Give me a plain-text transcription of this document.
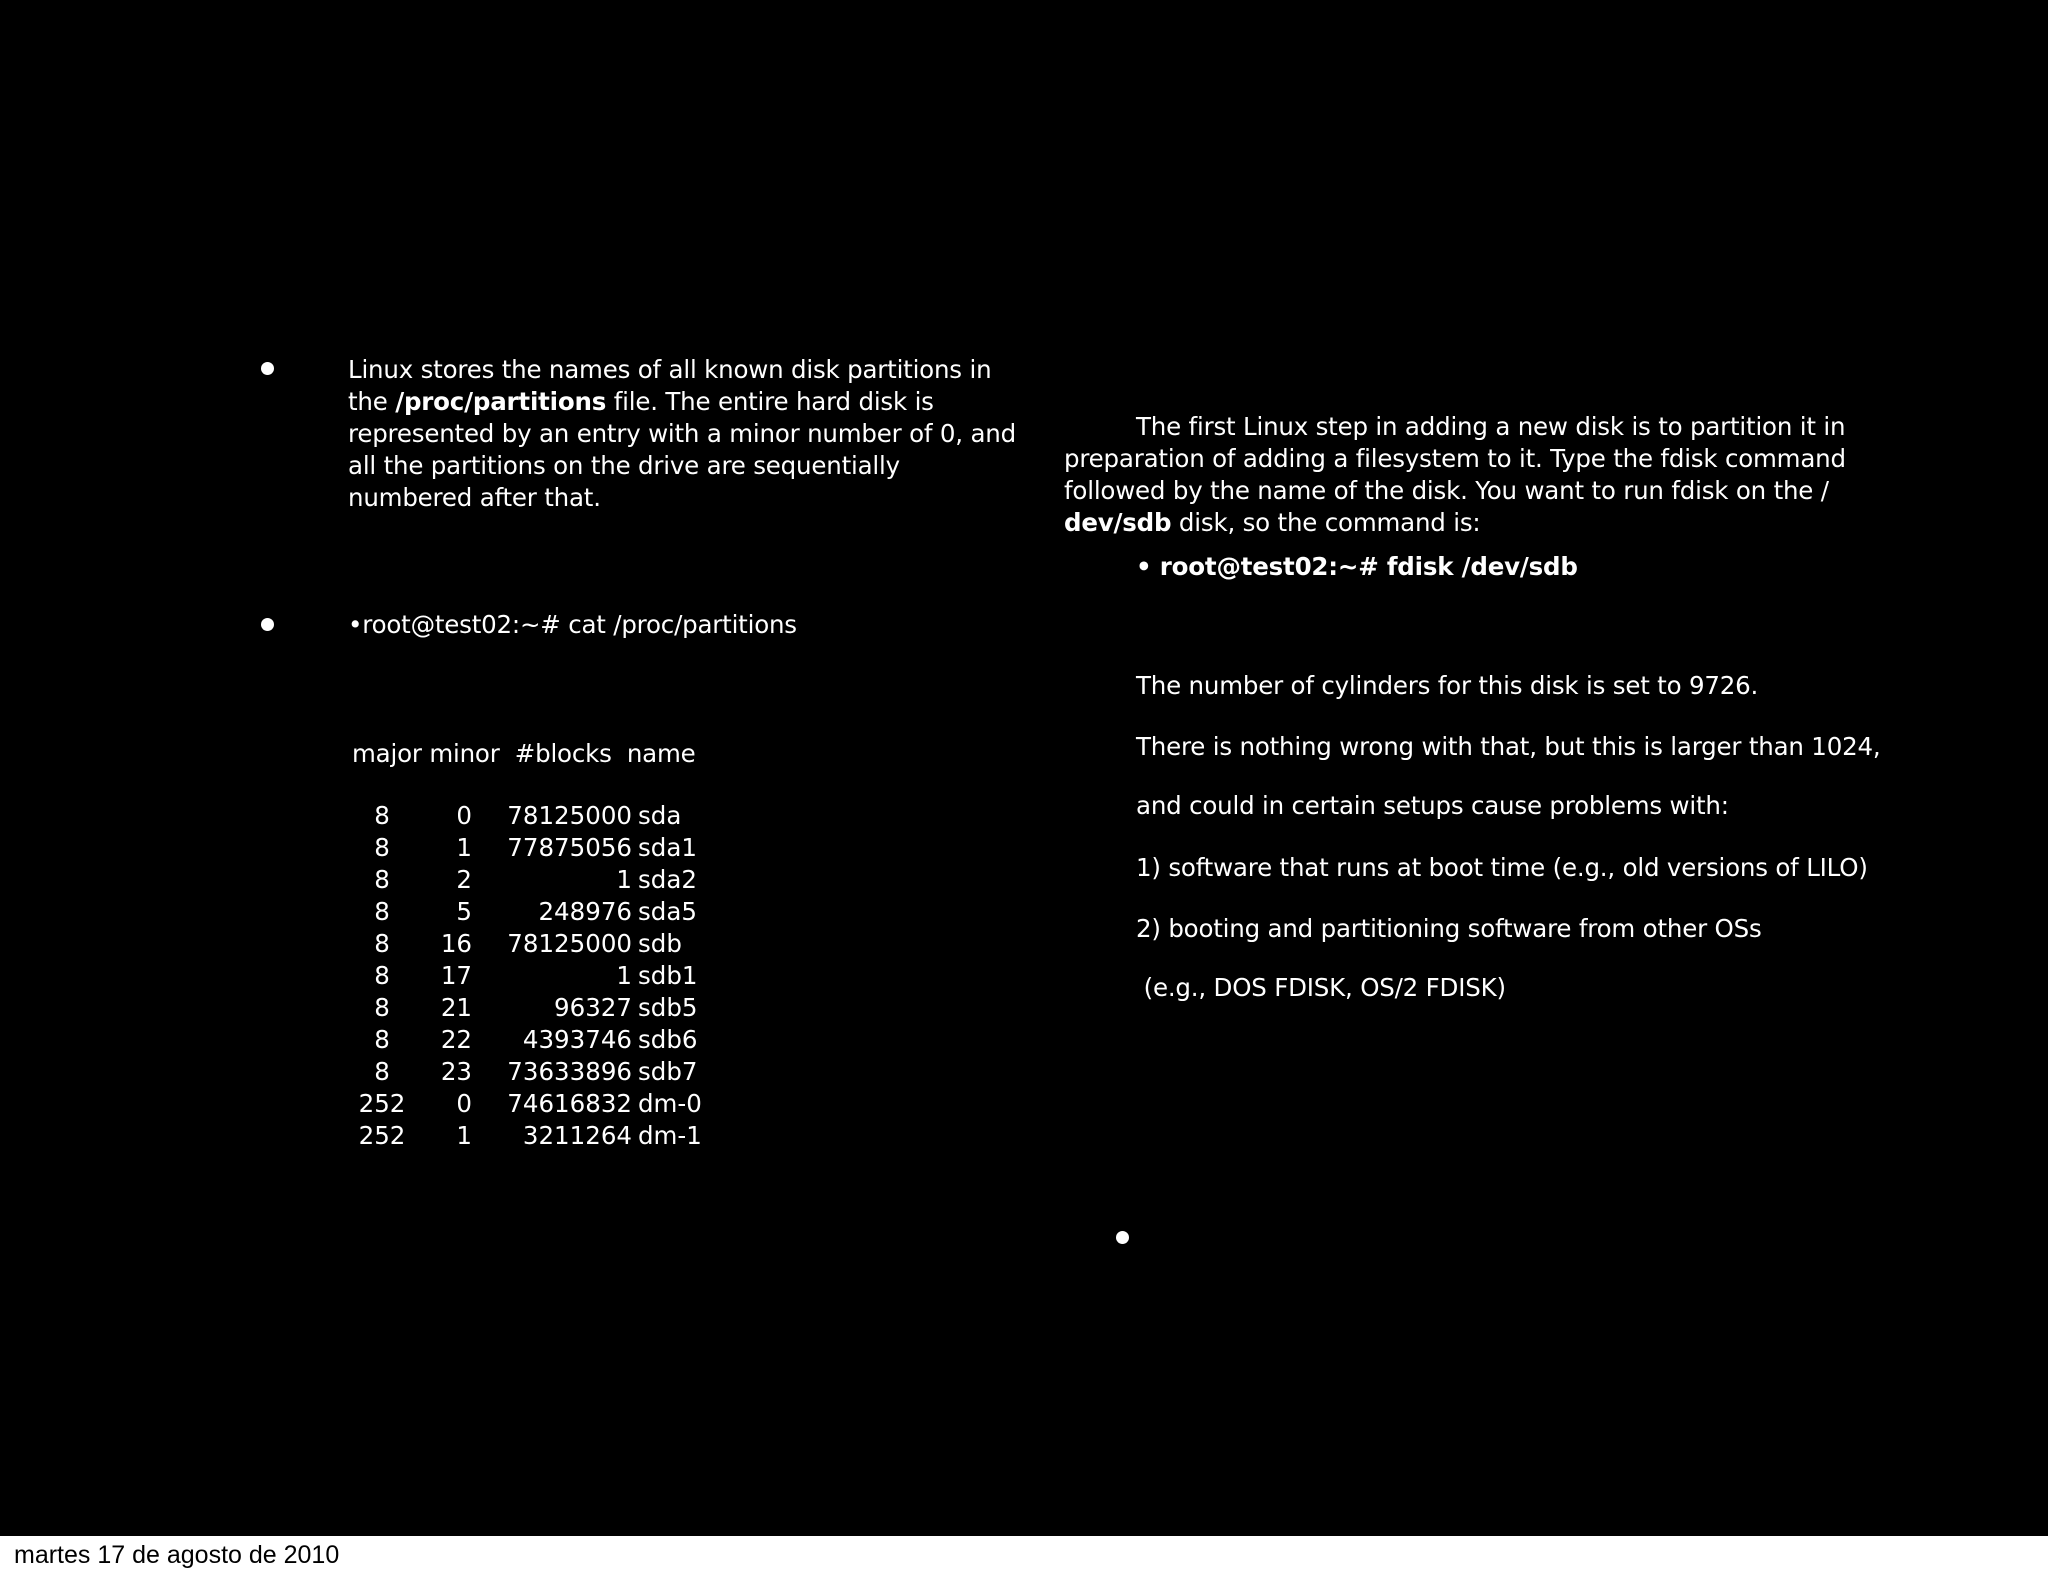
Linux stores the names of all known disk partitions in
the /proc/partitions file. The entire hard disk is
represented by an entry with a minor number of 0, and
all the partitions on the drive are sequentially
numbered after that.
•root@test02:~# cat /proc/partitions
major minor  #blocks  name
8	0	78125000	sda
8	1	77875056	sda1
8	2	1	sda2
8	5	248976	sda5
8	16	78125000	sdb
8	17	1	sdb1
8	21	96327	sdb5
8	22	4393746	sdb6
8	23	73633896	sdb7
252	0	74616832	dm-0
252	1	3211264	dm-1
The first Linux step in adding a new disk is to partition it in
preparation of adding a filesystem to it. Type the fdisk command
followed by the name of the disk. You want to run fdisk on the /
dev/sdb disk, so the command is:
• root@test02:~# fdisk /dev/sdb
The number of cylinders for this disk is set to 9726.
There is nothing wrong with that, but this is larger than 1024,
and could in certain setups cause problems with:
1) software that runs at boot time (e.g., old versions of LILO)
2) booting and partitioning software from other OSs
(e.g., DOS FDISK, OS/2 FDISK)
martes 17 de agosto de 2010
